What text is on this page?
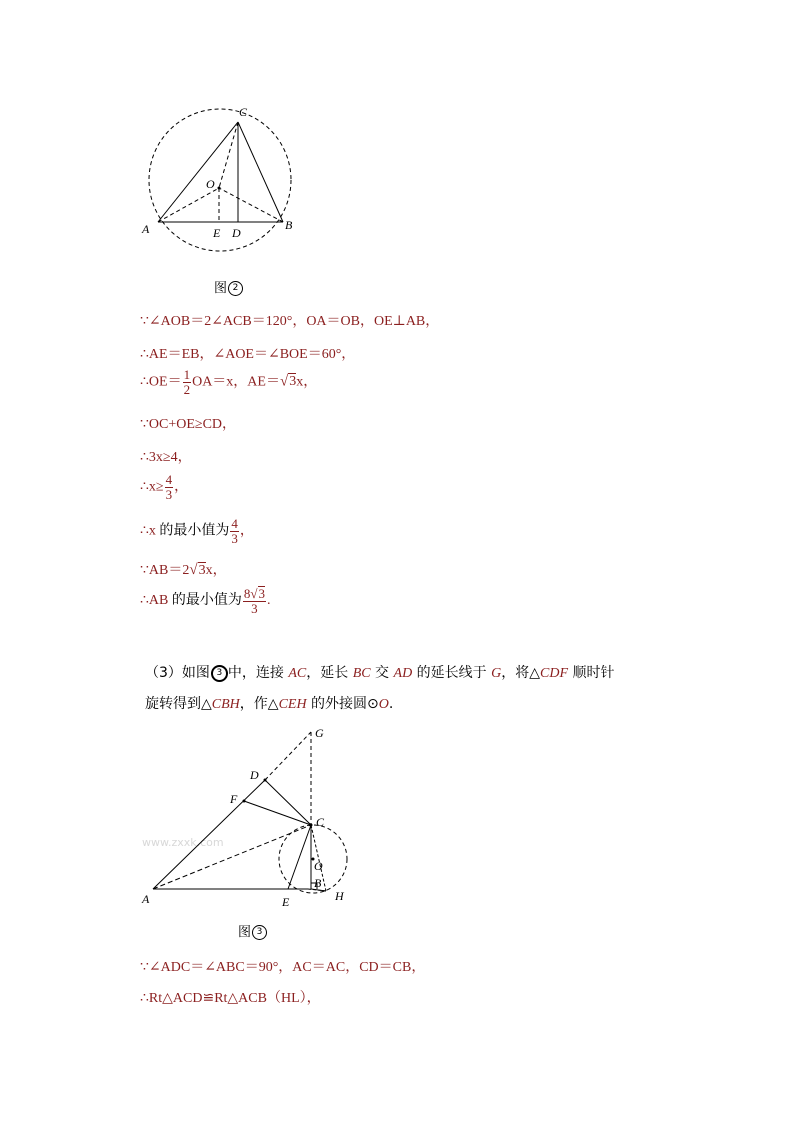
C
O
A	E D
B
图 2
∵∠AOB＝2∠ACB＝120°，OA＝OB，OE⊥AB，
∴AE＝EB，∠AOE＝∠BOE＝60°，
∴OE＝ $\frac{1}{2} OA=x$，AE＝√3x，
∵OC+OE≥CD，
∴3x≥4，
∴x≥ $\frac{4}{3}$ ，
∴x 的最小值为 $\frac{4}{3}$ ，
∵AB＝2√3x，
∴AB 的最小值为 $\frac{8√3}{3}$ .
（3）如图 3 中，连接 AC，延长 BC 交 AD 的延长线于 G，将△CDF 顺时针
旋转得到△CBH，作△CEH 的外接圆⊙O.
www.zxxk.com
G
D
F
C
O
B
H
A	E
图 3
∵∠ADC＝∠ABC＝90°，AC＝AC，CD＝CB，
∴Rt△ACD≌Rt△ACB（HL），
